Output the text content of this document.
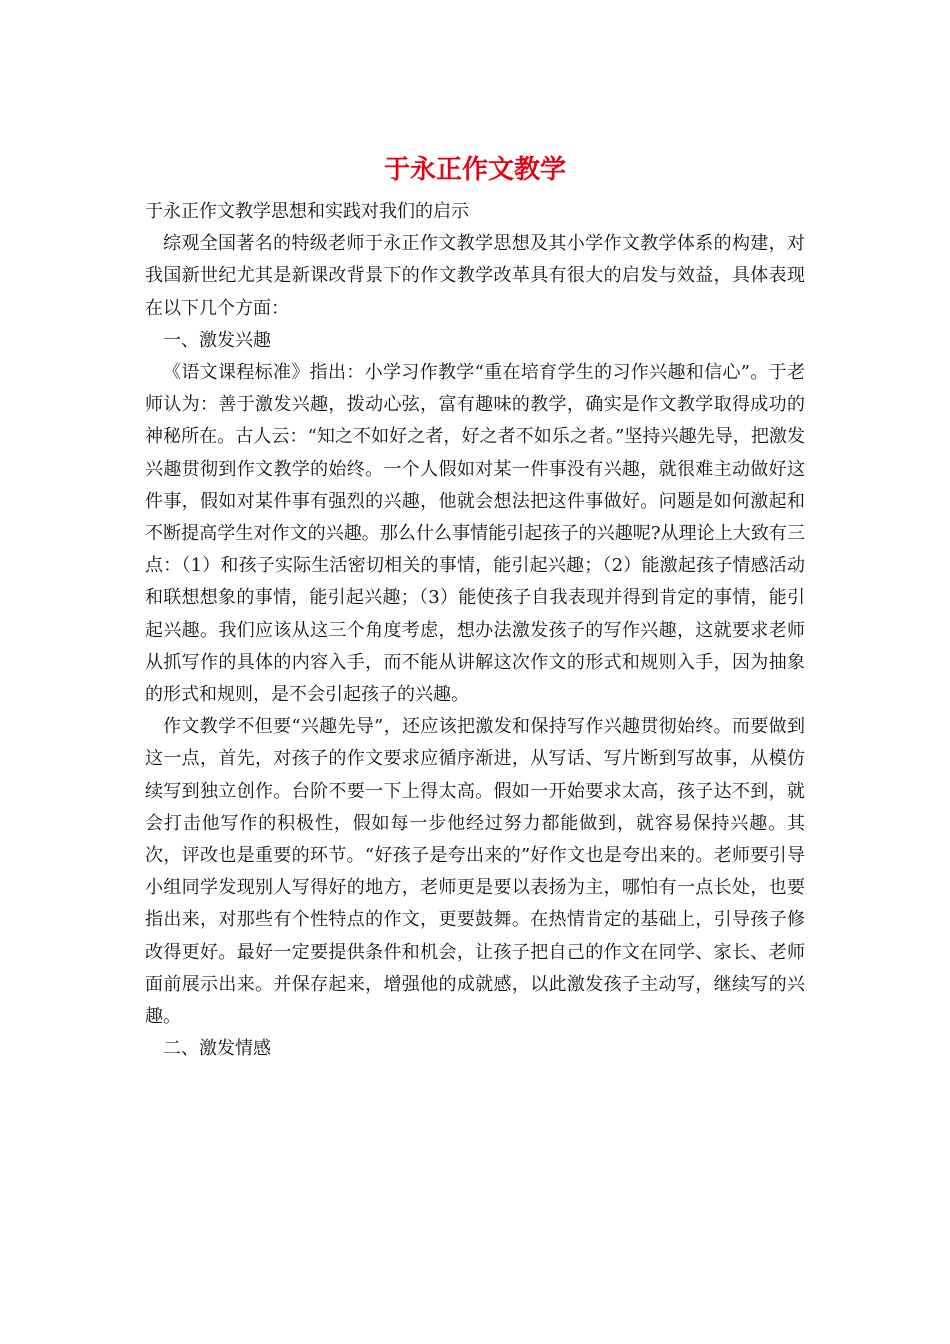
于永正作文教学

于永正作文教学思想和实践对我们的启示

综观全国著名的特级老师于永正作文教学思想及其小学作文教学体系的构建，对我国新世纪尤其是新课改背景下的作文教学改革具有很大的启发与效益，具体表现在以下几个方面：

一、激发兴趣

《语文课程标准》指出：小学习作教学“重在培育学生的习作兴趣和信心”。于老师认为：善于激发兴趣，拨动心弦，富有趣味的教学，确实是作文教学取得成功的神秘所在。古人云：“知之不如好之者，好之者不如乐之者。”坚持兴趣先导，把激发兴趣贯彻到作文教学的始终。一个人假如对某一件事没有兴趣，就很难主动做好这件事，假如对某件事有强烈的兴趣，他就会想法把这件事做好。问题是如何激起和不断提高学生对作文的兴趣。那么什么事情能引起孩子的兴趣呢?从理论上大致有三点：（1）和孩子实际生活密切相关的事情，能引起兴趣；（2）能激起孩子情感活动和联想想象的事情，能引起兴趣；（3）能使孩子自我表现并得到肯定的事情，能引起兴趣。我们应该从这三个角度考虑，想办法激发孩子的写作兴趣，这就要求老师从抓写作的具体的内容入手，而不能从讲解这次作文的形式和规则入手，因为抽象的形式和规则，是不会引起孩子的兴趣。

作文教学不但要“兴趣先导”，还应该把激发和保持写作兴趣贯彻始终。而要做到这一点，首先，对孩子的作文要求应循序渐进，从写话、写片断到写故事，从模仿续写到独立创作。台阶不要一下上得太高。假如一开始要求太高，孩子达不到，就会打击他写作的积极性，假如每一步他经过努力都能做到，就容易保持兴趣。其次，评改也是重要的环节。“好孩子是夸出来的”好作文也是夸出来的。老师要引导小组同学发现别人写得好的地方，老师更是要以表扬为主，哪怕有一点长处，也要指出来，对那些有个性特点的作文，更要鼓舞。在热情肯定的基础上，引导孩子修改得更好。最好一定要提供条件和机会，让孩子把自己的作文在同学、家长、老师面前展示出来。并保存起来，增强他的成就感，以此激发孩子主动写，继续写的兴趣。

二、激发情感
